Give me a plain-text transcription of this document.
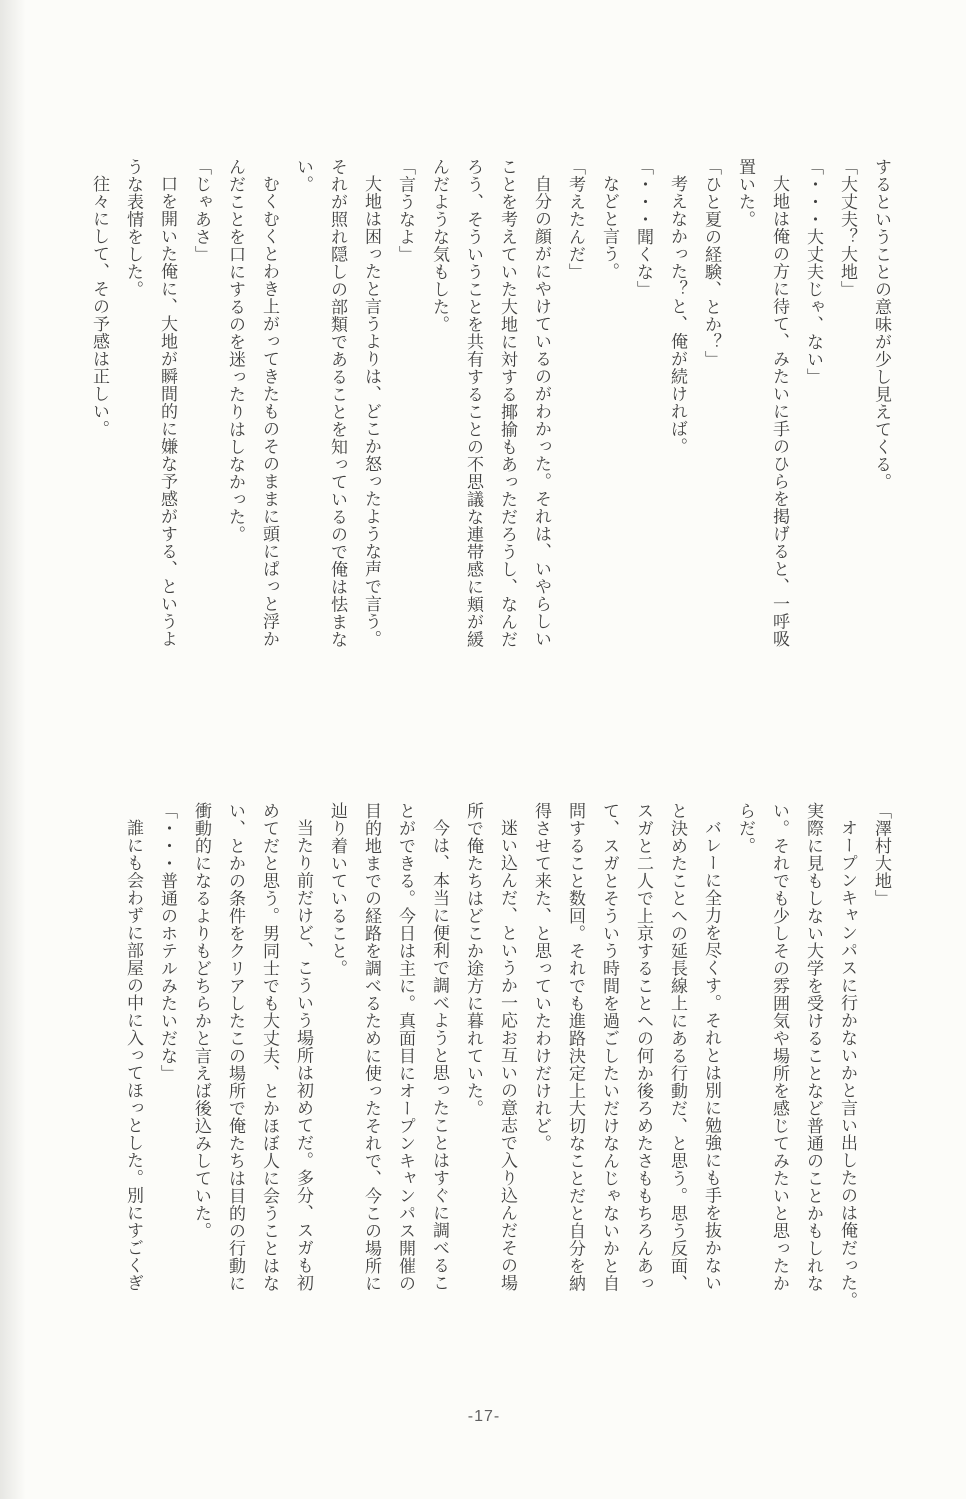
するということの意味が少し見えてくる。

「大丈夫？大地」

「・・・大丈夫じゃ、ない」

大地は俺の方に待て、みたいに手のひらを掲げると、一呼吸

置いた。

「ひと夏の経験、とか？」

考えなかった？と、俺が続ければ。

「・・・聞くな」

などと言う。

「考えたんだ」

自分の顔がにやけているのがわかった。それは、いやらしい

ことを考えていた大地に対する揶揄もあっただろうし、なんだ

ろう、そういうことを共有することの不思議な連帯感に頬が緩

んだような気もした。

「言うなよ」

大地は困ったと言うよりは、どこか怒ったような声で言う。

それが照れ隠しの部類であることを知っているので俺は怯まな

い。

むくむくとわき上がってきたものそのままに頭にぱっと浮か

んだことを口にするのを迷ったりはしなかった。

「じゃあさ」

口を開いた俺に、大地が瞬間的に嫌な予感がする、というよ

うな表情をした。

往々にして、その予感は正しい。

「澤村大地」

オープンキャンパスに行かないかと言い出したのは俺だった。

実際に見もしない大学を受けることなど普通のことかもしれな

い。それでも少しその雰囲気や場所を感じてみたいと思ったか

らだ。

バレーに全力を尽くす。それとは別に勉強にも手を抜かない

と決めたことへの延長線上にある行動だ、と思う。思う反面、

スガと二人で上京することへの何か後ろめたさももちろんあっ

て、スガとそういう時間を過ごしたいだけなんじゃないかと自

問すること数回。それでも進路決定上大切なことだと自分を納

得させて来た、と思っていたわけだけれど。

迷い込んだ、というか一応お互いの意志で入り込んだその場

所で俺たちはどこか途方に暮れていた。

今は、本当に便利で調べようと思ったことはすぐに調べるこ

とができる。今日は主に。真面目にオープンキャンパス開催の

目的地までの経路を調べるために使ったそれで、今この場所に

辿り着いていること。

当たり前だけど、こういう場所は初めてだ。多分、スガも初

めてだと思う。男同士でも大丈夫、とかほぼ人に会うことはな

い、とかの条件をクリアしたこの場所で俺たちは目的の行動に

衝動的になるよりもどちらかと言えば後込みしていた。

「・・・普通のホテルみたいだな」

誰にも会わずに部屋の中に入ってほっとした。別にすごくぎ

-17-
